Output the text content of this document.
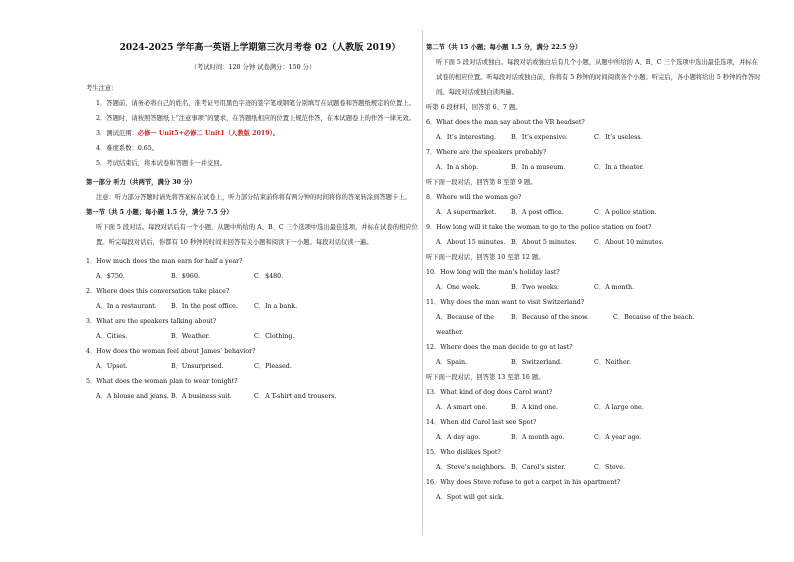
2024-2025 学年高一英语上学期第三次月考卷 02（人教版 2019）
（考试时间：120 分钟 试卷满分：150 分）
考生注意：
1．答题前，请务必将自己的姓名、准考证号用黑色字迹的签字笔或钢笔分别填写在试题卷和答题纸规定的位置上。
2．答题时，请按照答题纸上“注意事项”的要求，在答题纸相应的位置上规范作答，在本试题卷上的作答一律无效。
3．测试范围：必修一 Unit5+必修二 Unit1（人教版 2019）。
4．难度系数：0.65。
5．考试结束后，将本试卷和答题卡一并交回。
第一部分 听力（共两节，满分 30 分）
注意：听力部分答题时请先将答案标在试卷上，听力部分结束前你将有两分钟的时间将你的答案转涂到答题卡上。
第一节（共 5 小题；每小题 1.5 分，满分 7.5 分）
听下面 5 段对话。每段对话后有一个小题，从题中所给的 A、B、C 三个选项中选出最佳选项，并标在试卷的相应位置。听完每段对话后，你都有 10 秒钟的时间来回答有关小题和阅读下一小题。每段对话仅读一遍。
1．How much does the man earn for half a year?
A．$750.	B．$960.	C．$480.
2．Where does this conversation take place?
A．In a restaurant.	B．In the post office.	C．In a bank.
3．What are the speakers talking about?
A．Cities.	B．Weather.	C．Clothing.
4．How does the woman feel about James’ behavior?
A．Upset.	B．Unsurprised.	C．Pleased.
5．What does the woman plan to wear tonight?
A．A blouse and jeans. B．A business suit.	C．A T-shirt and trousers.
第二节（共 15 小题；每小题 1.5 分，满分 22.5 分）
听下面 5 段对话或独白。每段对话或独白后有几个小题，从题中所给的 A、B、C 三个选项中选出最佳选项，并标在试卷的相应位置。听每段对话或独白前，你将有 5 秒钟的时间阅读各个小题；听完后，各小题将给出 5 秒钟的作答时间。每段对话或独白读两遍。
听第 6 段材料，回答第 6、7 题。
6．What does the man say about the VR headset?
A．It’s interesting.	B．It’s expensive.	C．It’s useless.
7．Where are the speakers probably?
A．In a shop.	B．In a museum.	C．In a theater.
听下面一段对话，回答第 8 至第 9 题。
8．Where will the woman go?
A．A supermarket.	B．A post office.	C．A police station.
9．How long will it take the woman to go to the police station on foot?
A．About 15 minutes. B．About 5 minutes.	C．About 10 minutes.
听下面一段对话，回答第 10 至第 12 题。
10．How long will the man’s holiday last?
A．One week.	B．Two weeks.	C．A month.
11．Why does the man want to visit Switzerland?
A．Because of the weather.
B．Because of the snow.	C．Because of the beach.
12．Where does the man decide to go at last?
A．Spain.	B．Switzerland.	C．Neither.
听下面一段对话，回答第 13 至第 16 题。
13．What kind of dog does Carol want?
A．A smart one.	B．A kind one.	C．A large one.
14．When did Carol last see Spot?
A．A day ago.	B．A month ago.	C．A year ago.
15．Who dislikes Spot?
A．Steve’s neighbors. B．Carol’s sister.	C．Steve.
16．Why does Steve refuse to get a carpet in his apartment?
A．Spot will get sick.
